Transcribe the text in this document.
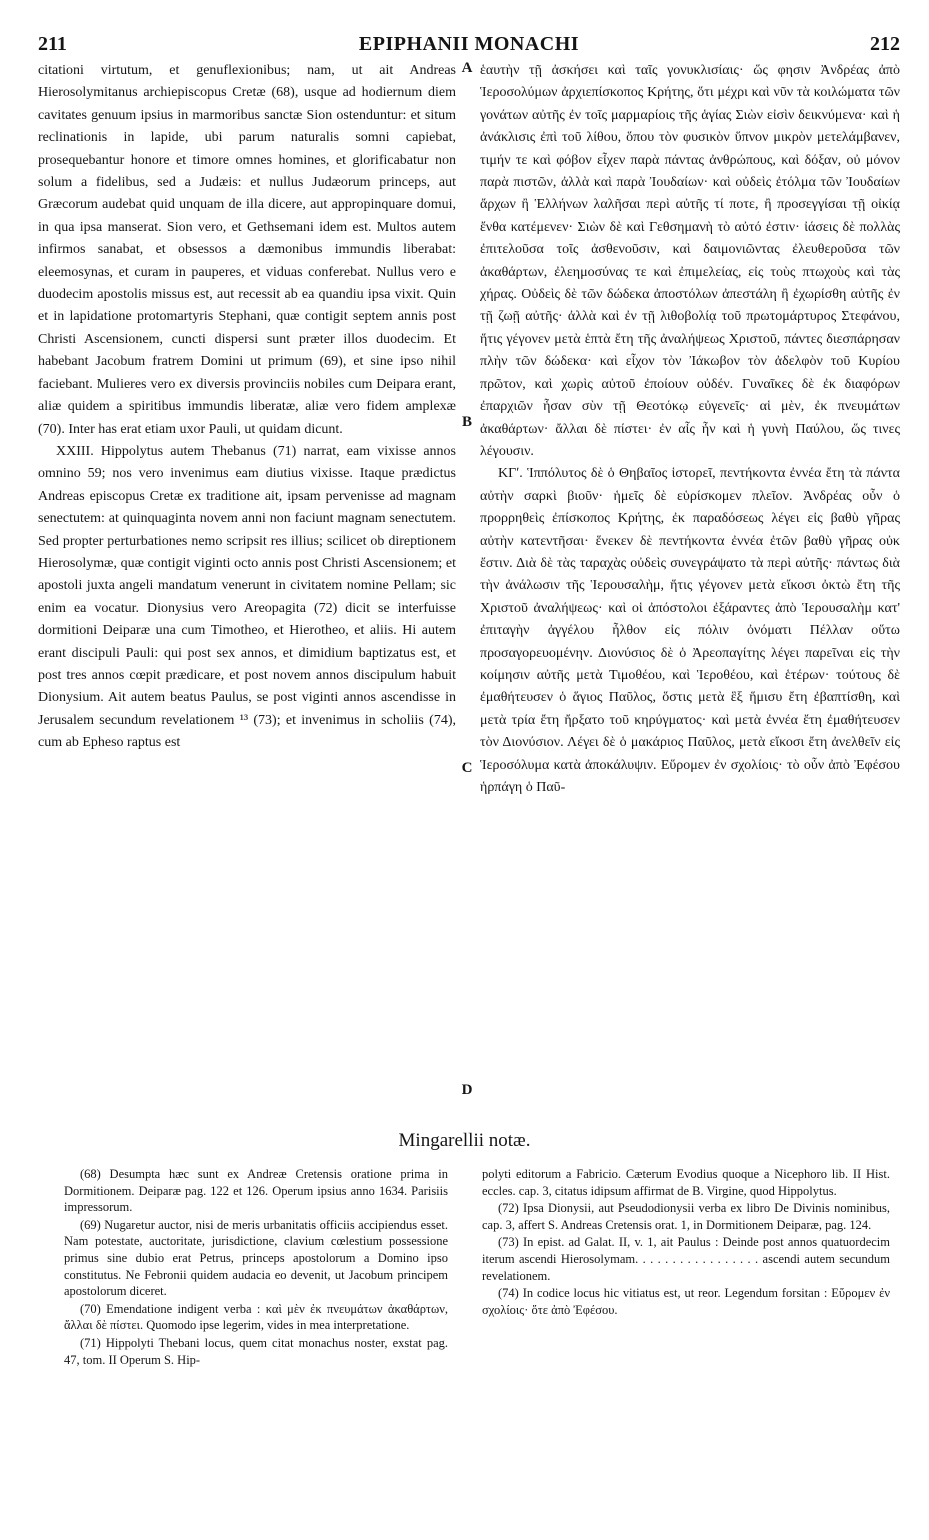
211	EPIPHANII MONACHI	212

citationi virtutum, et genuflexionibus; nam, ut ait Andreas Hierosolymitanus archiepiscopus Cretæ (68), usque ad hodiernum diem cavitates genuum ipsius in marmoribus sanctæ Sion ostenduntur: et situm reclinationis in lapide, ubi parum naturalis somni capiebat, prosequebantur honore et timore omnes homines, et glorificabatur non solum a fidelibus, sed a Judæis: et nullus Judæorum princeps, aut Græcorum audebat quid unquam de illa dicere, aut appropinquare domui, in qua ipsa manserat. Sion vero, et Gethsemani idem est. Multos autem infirmos sanabat, et obsessos a dæmonibus immundis liberabat: eleemosynas, et curam in pauperes, et viduas conferebat. Nullus vero e duodecim apostolis missus est, aut recessit ab ea quandiu ipsa vixit. Quin et in lapidatione protomartyris Stephani, quæ contigit septem annis post Christi Ascensionem, cuncti dispersi sunt præter illos duodecim. Et habebant Jacobum fratrem Domini ut primum (69), et sine ipso nihil faciebant. Mulieres vero ex diversis provinciis nobiles cum Deipara erant, aliæ quidem a spiritibus immundis liberatæ, aliæ vero fidem amplexæ (70). Inter has erat etiam uxor Pauli, ut quidam dicunt.

XXIII. Hippolytus autem Thebanus (71) narrat, eam vixisse annos omnino 59; nos vero invenimus eam diutius vixisse. Itaque prædictus Andreas episcopus Cretæ ex traditione ait, ipsam pervenisse ad magnam senectutem: at quinquaginta novem anni non faciunt magnam senectutem. Sed propter perturbationes nemo scripsit res illius; scilicet ob direptionem Hierosolymæ, quæ contigit viginti octo annis post Christi Ascensionem; et apostoli juxta angeli mandatum venerunt in civitatem nomine Pellam; sic enim ea vocatur. Dionysius vero Areopagita (72) dicit se interfuisse dormitioni Deiparæ una cum Timotheo, et Hierotheo, et aliis. Hi autem erant discipuli Pauli: qui post sex annos, et dimidium baptizatus est, et post tres annos cœpit prædicare, et post novem annos discipulum habuit Dionysium. Ait autem beatus Paulus, se post viginti annos ascendisse in Jerusalem secundum revelationem ¹³ (73); et invenimus in scholiis (74), cum ab Epheso raptus est

A
B
C
D

ἑαυτὴν τῇ ἀσκήσει καὶ ταῖς γονυκλισίαις· ὥς φησιν Ἀνδρέας ἀπὸ Ἱεροσολύμων ἀρχιεπίσκοπος Κρήτης, ὅτι μέχρι καὶ νῦν τὰ κοιλώματα τῶν γονάτων αὐτῆς ἐν τοῖς μαρμαρίοις τῆς ἁγίας Σιὼν εἰσὶν δεικνύμενα· καὶ ἡ ἀνάκλισις ἐπὶ τοῦ λίθου, ὅπου τὸν φυσικὸν ὕπνον μικρὸν μετελάμβανεν, τιμήν τε καὶ φόβον εἶχεν παρὰ πάντας ἀνθρώπους, καὶ δόξαν, οὐ μόνον παρὰ πιστῶν, ἀλλὰ καὶ παρὰ Ἰουδαίων· καὶ οὐδεὶς ἐτόλμα τῶν Ἰουδαίων ἄρχων ἢ Ἑλλήνων λαλῆσαι περὶ αὐτῆς τί ποτε, ἢ προσεγγίσαι τῇ οἰκίᾳ ἔνθα κατέμενεν· Σιὼν δὲ καὶ Γεθσημανὴ τὸ αὐτό ἐστιν· ἰάσεις δὲ πολλὰς ἐπιτελοῦσα τοῖς ἀσθενοῦσιν, καὶ δαιμονιῶντας ἐλευθεροῦσα τῶν ἀκαθάρτων, ἐλεημοσύνας τε καὶ ἐπιμελείας, εἰς τοὺς πτωχοὺς καὶ τὰς χήρας. Οὐδεὶς δὲ τῶν δώδεκα ἀποστόλων ἀπεστάλη ἢ ἐχωρίσθη αὐτῆς ἐν τῇ ζωῇ αὐτῆς· ἀλλὰ καὶ ἐν τῇ λιθοβολίᾳ τοῦ πρωτομάρτυρος Στεφάνου, ἥτις γέγονεν μετὰ ἑπτὰ ἔτη τῆς ἀναλήψεως Χριστοῦ, πάντες διεσπάρησαν πλὴν τῶν δώδεκα· καὶ εἶχον τὸν Ἰάκωβον τὸν ἀδελφὸν τοῦ Κυρίου πρῶτον, καὶ χωρὶς αὐτοῦ ἐποίουν οὐδέν. Γυναῖκες δὲ ἐκ διαφόρων ἐπαρχιῶν ἦσαν σὺν τῇ Θεοτόκῳ εὐγενεῖς· αἱ μὲν, ἐκ πνευμάτων ἀκαθάρτων· ἄλλαι δὲ πίστει· ἐν αἷς ἦν καὶ ἡ γυνὴ Παύλου, ὥς τινες λέγουσιν.

ΚΓʹ. Ἱππόλυτος δὲ ὁ Θηβαῖος ἱστορεῖ, πεντήκοντα ἐννέα ἔτη τὰ πάντα αὐτὴν σαρκὶ βιοῦν· ἡμεῖς δὲ εὑρίσκομεν πλεῖον. Ἀνδρέας οὖν ὁ προρρηθεὶς ἐπίσκοπος Κρήτης, ἐκ παραδόσεως λέγει εἰς βαθὺ γῆρας αὐτὴν κατεντῆσαι· ἕνεκεν δὲ πεντήκοντα ἐννέα ἐτῶν βαθὺ γῆρας οὐκ ἔστιν. Διὰ δὲ τὰς ταραχὰς οὐδεὶς συνεγράψατο τὰ περὶ αὐτῆς· πάντως διὰ τὴν ἀνάλωσιν τῆς Ἱερουσαλὴμ, ἥτις γέγονεν μετὰ εἴκοσι ὀκτὼ ἔτη τῆς Χριστοῦ ἀναλήψεως· καὶ οἱ ἀπόστολοι ἐξάραντες ἀπὸ Ἱερουσαλὴμ κατ' ἐπιταγὴν ἀγγέλου ἦλθον εἰς πόλιν ὀνόματι Πέλλαν οὕτω προσαγορευομένην. Διονύσιος δὲ ὁ Ἀρεοπαγίτης λέγει παρεῖναι εἰς τὴν κοίμησιν αὐτῆς μετὰ Τιμοθέου, καὶ Ἱεροθέου, καὶ ἑτέρων· τούτους δὲ ἐμαθήτευσεν ὁ ἅγιος Παῦλος, ὅστις μετὰ ἓξ ἥμισυ ἔτη ἐβαπτίσθη, καὶ μετὰ τρία ἔτη ἤρξατο τοῦ κηρύγματος· καὶ μετὰ ἐννέα ἔτη ἐμαθήτευσεν τὸν Διονύσιον. Λέγει δὲ ὁ μακάριος Παῦλος, μετὰ εἴκοσι ἔτη ἀνελθεῖν εἰς Ἱεροσόλυμα κατὰ ἀποκάλυψιν. Εὕρομεν ἐν σχολίοις· τὸ οὖν ἀπὸ Ἐφέσου ἡρπάγη ὁ Παῦ-

Mingarellii notæ.

(68) Desumpta hæc sunt ex Andreæ Cretensis oratione prima in Dormitionem. Deiparæ pag. 122 et 126. Operum ipsius anno 1634. Parisiis impressorum.

(69) Nugaretur auctor, nisi de meris urbanitatis officiis accipiendus esset. Nam potestate, auctoritate, jurisdictione, clavium cœlestium possessione primus sine dubio erat Petrus, princeps apostolorum a Domino ipso constitutus. Ne Febronii quidem audacia eo devenit, ut Jacobum principem apostolorum diceret.

(70) Emendatione indigent verba : καὶ μὲν ἐκ πνευμάτων ἀκαθάρτων, ἄλλαι δὲ πίστει. Quomodo ipse legerim, vides in mea interpretatione.

(71) Hippolyti Thebani locus, quem citat monachus noster, exstat pag. 47, tom. II Operum S. Hip-

polyti editorum a Fabricio. Cæterum Evodius quoque a Nicephoro lib. II Hist. eccles. cap. 3, citatus idipsum affirmat de B. Virgine, quod Hippolytus.

(72) Ipsa Dionysii, aut Pseudodionysii verba ex libro De Divinis nominibus, cap. 3, affert S. Andreas Cretensis orat. 1, in Dormitionem Deiparæ, pag. 124.

(73) In epist. ad Galat. II, v. 1, ait Paulus : Deinde post annos quatuordecim iterum ascendi Hierosolymam. . . . . . . . . . . . . . . . . ascendi autem secundum revelationem.

(74) In codice locus hic vitiatus est, ut reor. Legendum forsitan : Εὕρομεν ἐν σχολίοις· ὅτε ἀπὸ Ἐφέσου.
